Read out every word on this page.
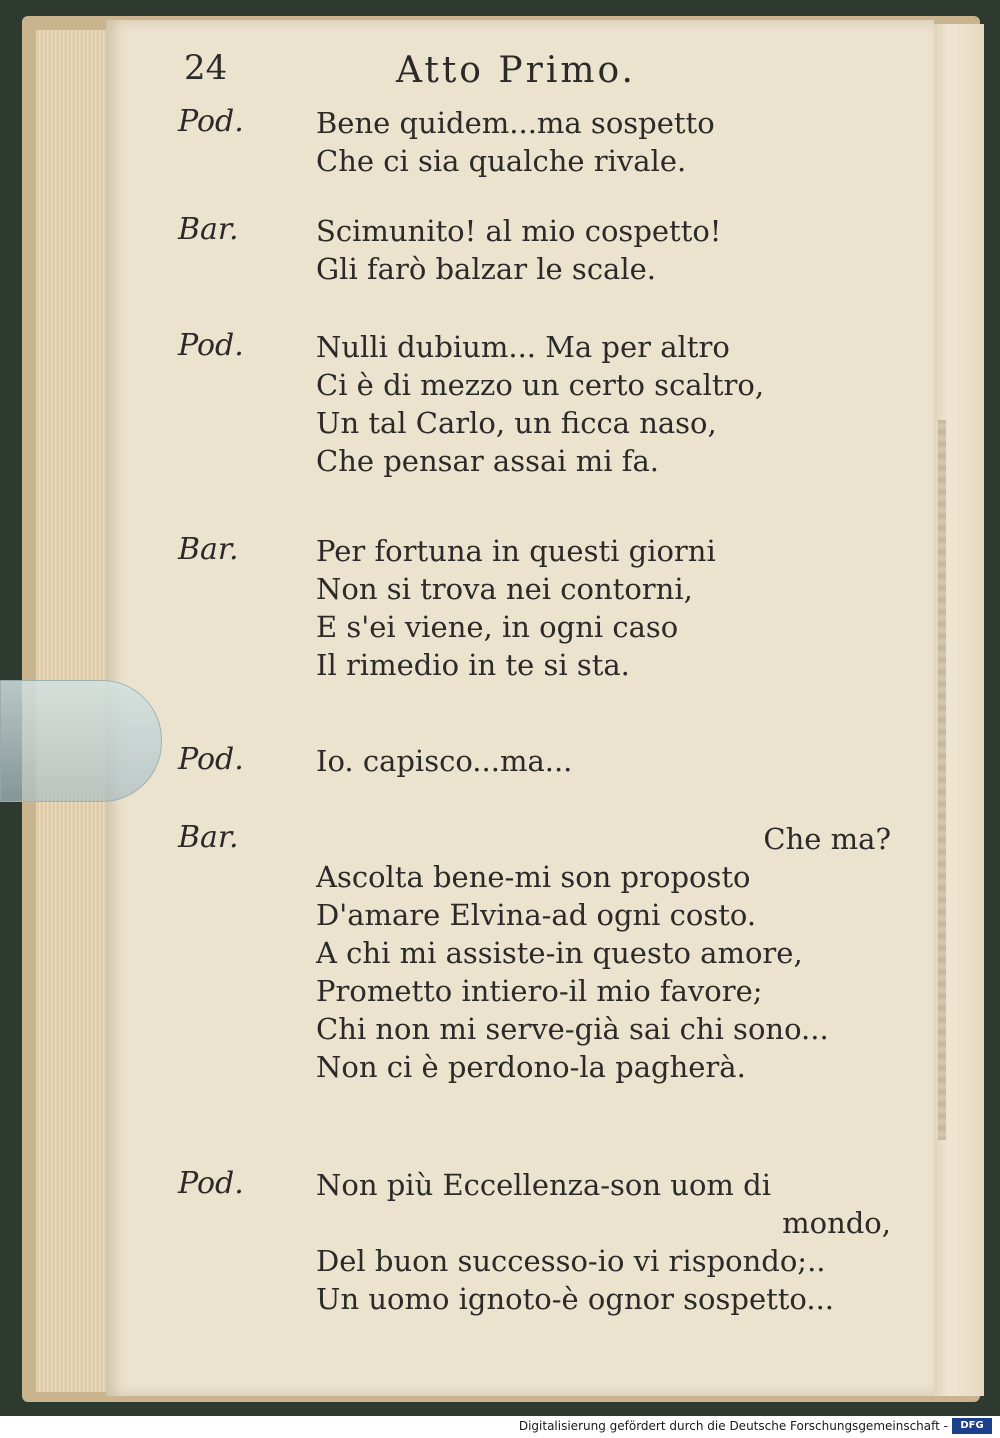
24	Atto Primo.
Pod. Bene quidem...ma sospetto
Che ci sia qualche rivale.
Bar.	Scimunito! al mio cospetto!
Gli farò balzar le scale.
Pod. Nulli dubium... Ma per altro
Ci è di mezzo un certo scaltro,
Un tal Carlo, un ficca naso,
Che pensar assai mi fa.
Bar.	Per fortuna in questi giorni
Non si trova nei contorni,
E s'ei viene, in ogni caso
Il rimedio in te si sta.
Pod. Io. capisco...ma...
Bar.	Che ma?
Ascolta bene-mi son proposto
D'amare Elvina-ad ogni costo.
A chi mi assiste-in questo amore,
Prometto intiero-il mio favore;
Chi non mi serve-già sai chi sono...
Non ci è perdono-la pagherà.
Pod. Non più Eccellenza-son uom di
mondo,
Del buon successo-io vi rispondo;..
Un uomo ignoto-è ognor sospetto...
Digitalisierung gefördert durch die Deutsche Forschungsgemeinschaft -	DFG
